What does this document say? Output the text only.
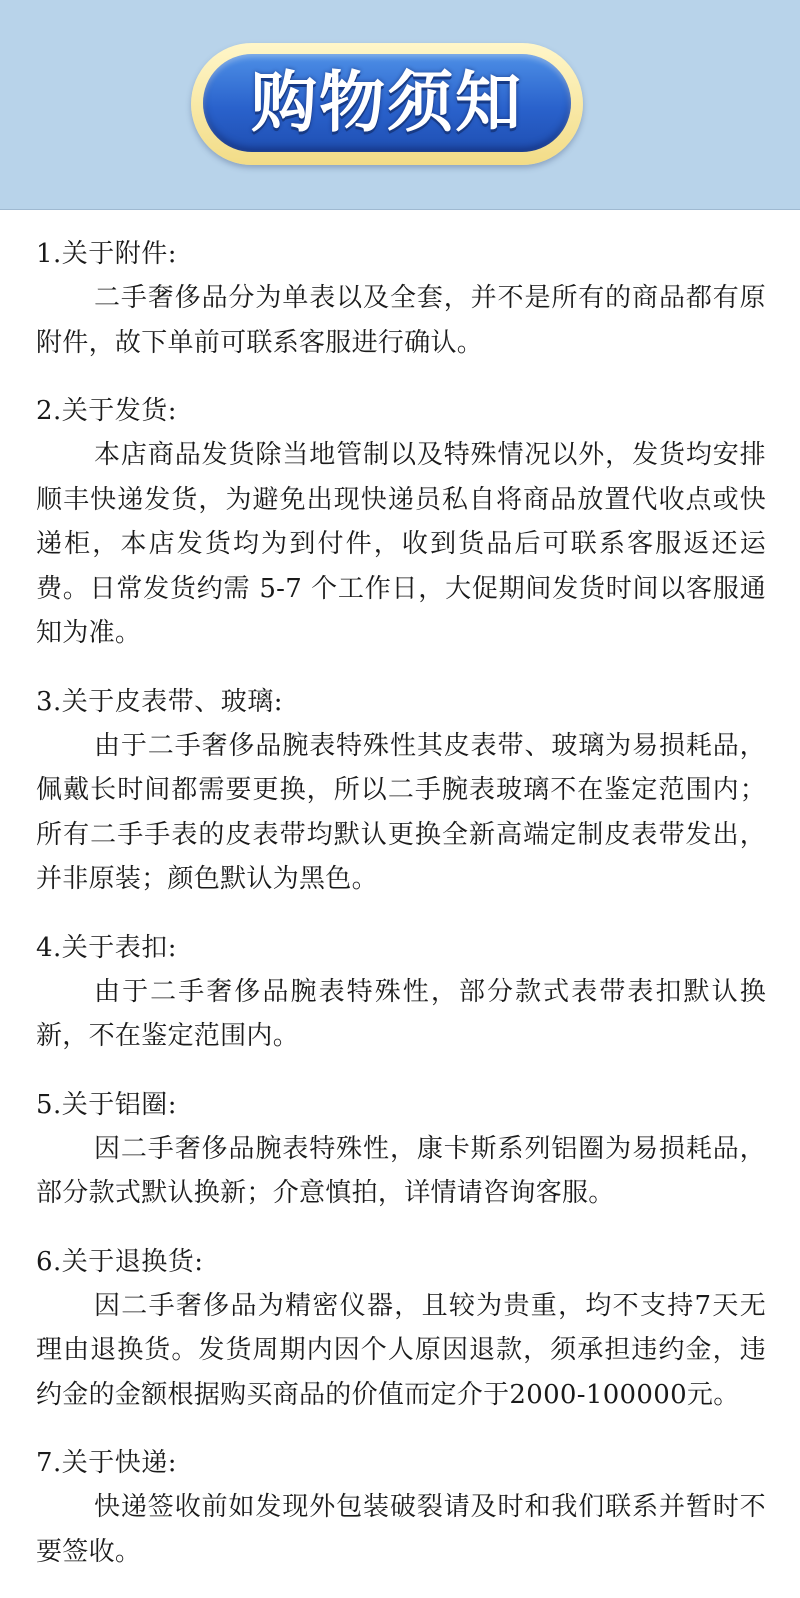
购物须知
1.关于附件:
二手奢侈品分为单表以及全套，并不是所有的商品都有原附件，故下单前可联系客服进行确认。
2.关于发货:
本店商品发货除当地管制以及特殊情况以外，发货均安排顺丰快递发货，为避免出现快递员私自将商品放置代收点或快递柜，本店发货均为到付件，收到货品后可联系客服返还运费。日常发货约需 5-7 个工作日，大促期间发货时间以客服通知为准。
3.关于皮表带、玻璃:
由于二手奢侈品腕表特殊性其皮表带、玻璃为易损耗品，佩戴长时间都需要更换，所以二手腕表玻璃不在鉴定范围内；所有二手手表的皮表带均默认更换全新高端定制皮表带发出，并非原装；颜色默认为黑色。
4.关于表扣:
由于二手奢侈品腕表特殊性，部分款式表带表扣默认换新，不在鉴定范围内。
5.关于铝圈:
因二手奢侈品腕表特殊性，康卡斯系列铝圈为易损耗品，部分款式默认换新；介意慎拍，详情请咨询客服。
6.关于退换货:
因二手奢侈品为精密仪器，且较为贵重，均不支持7天无理由退换货。发货周期内因个人原因退款，须承担违约金，违约金的金额根据购买商品的价值而定介于2000-100000元。
7.关于快递:
快递签收前如发现外包装破裂请及时和我们联系并暂时不要签收。
